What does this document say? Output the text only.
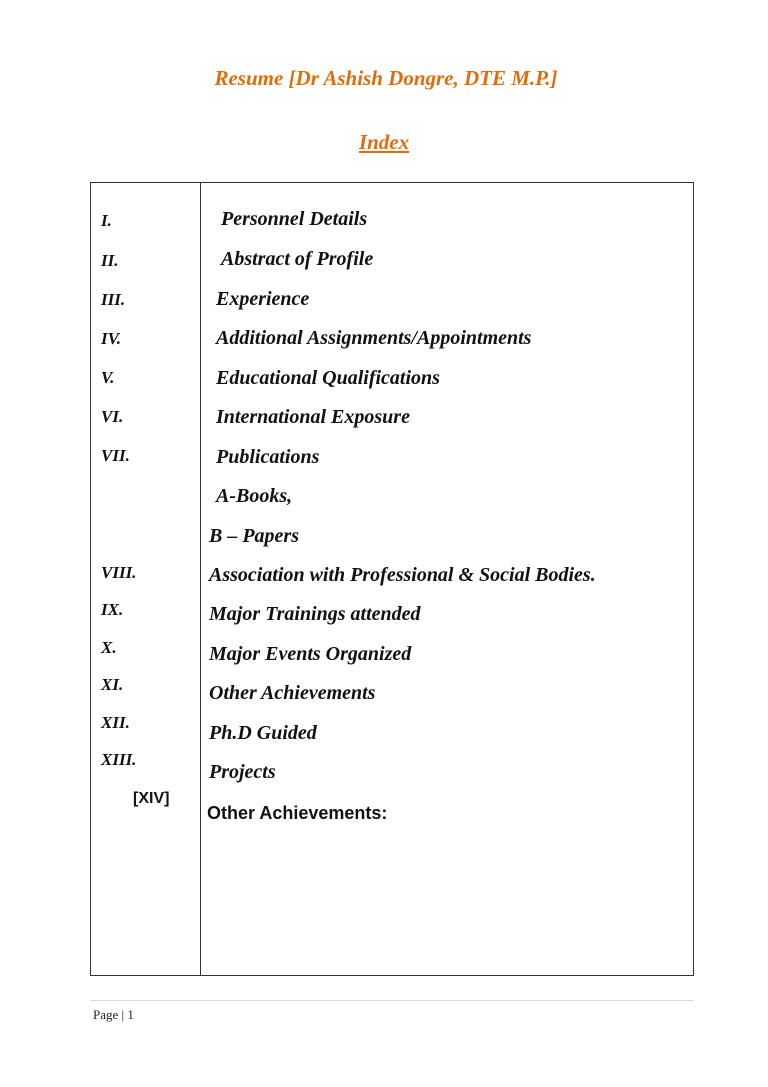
Resume [Dr Ashish Dongre, DTE M.P.]
Index
I.
II.
III.
IV.
V.
VI.
VII.
VIII.
IX.
X.
XI.
XII.
XIII.
[XIV]
Personnel Details
Abstract of Profile
Experience
Additional Assignments/Appointments
Educational Qualifications
International Exposure
Publications
A-Books,
B – Papers
Association with Professional & Social Bodies.
Major Trainings attended
Major Events Organized
Other Achievements
Ph.D Guided
Projects
Other Achievements:
Page | 1
